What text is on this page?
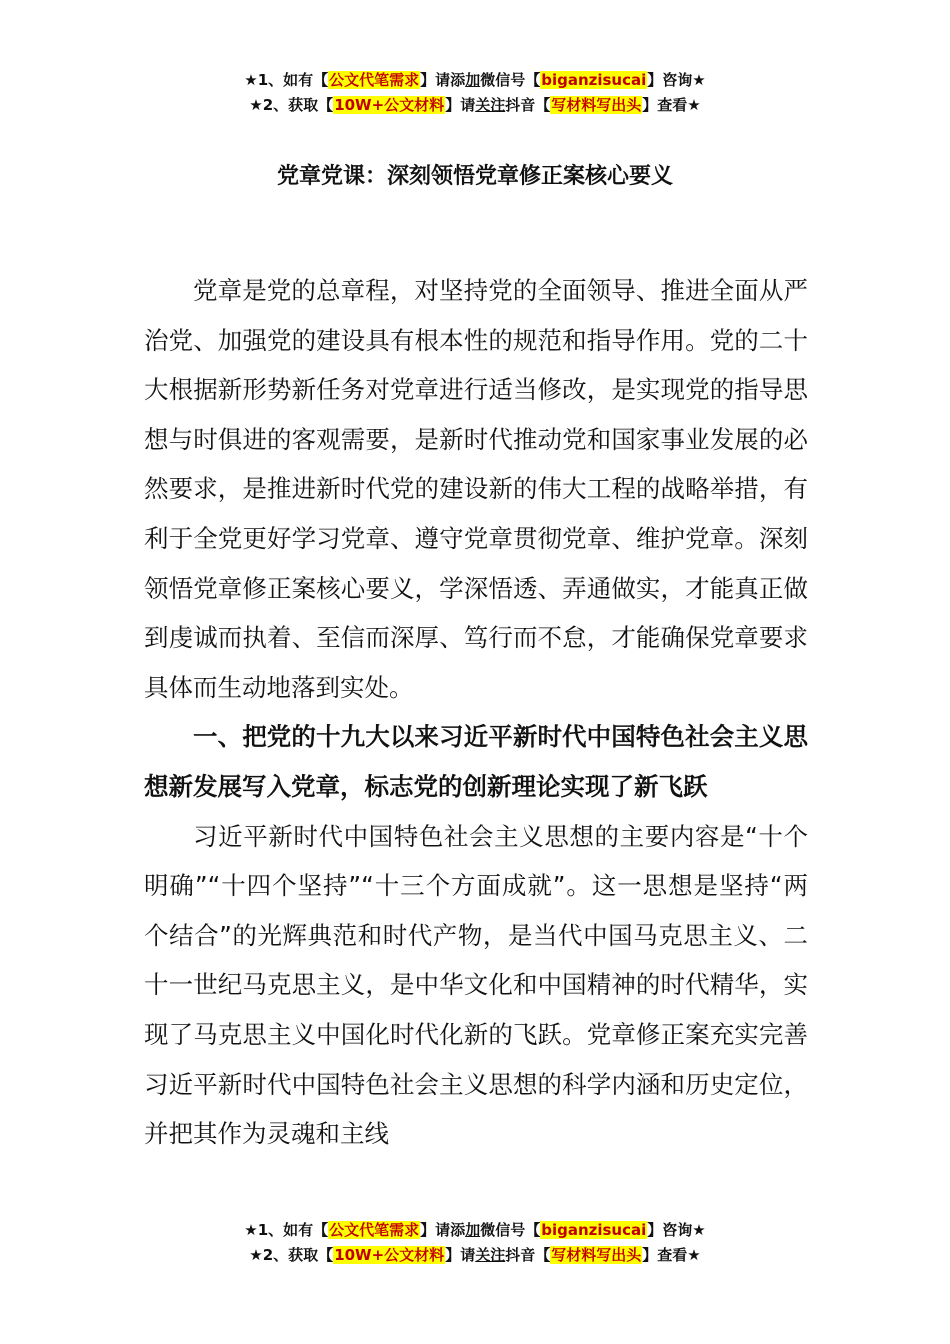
★1、如有【公文代笔需求】请添加微信号【biganzisucai】咨询★
★2、获取【10W+公文材料】请关注抖音【写材料写出头】查看★
党章党课：深刻领悟党章修正案核心要义

党章是党的总章程，对坚持党的全面领导、推进全面从严治党、加强党的建设具有根本性的规范和指导作用。党的二十大根据新形势新任务对党章进行适当修改，是实现党的指导思想与时俱进的客观需要，是新时代推动党和国家事业发展的必然要求，是推进新时代党的建设新的伟大工程的战略举措，有利于全党更好学习党章、遵守党章贯彻党章、维护党章。深刻领悟党章修正案核心要义，学深悟透、弄通做实，才能真正做到虔诚而执着、至信而深厚、笃行而不怠，才能确保党章要求具体而生动地落到实处。

一、把党的十九大以来习近平新时代中国特色社会主义思想新发展写入党章，标志党的创新理论实现了新飞跃

习近平新时代中国特色社会主义思想的主要内容是“十个明确”“十四个坚持”“十三个方面成就”。这一思想是坚持“两个结合”的光辉典范和时代产物，是当代中国马克思主义、二十一世纪马克思主义，是中华文化和中国精神的时代精华，实现了马克思主义中国化时代化新的飞跃。党章修正案充实完善习近平新时代中国特色社会主义思想的科学内涵和历史定位，并把其作为灵魂和主线

★1、如有【公文代笔需求】请添加微信号【biganzisucai】咨询★
★2、获取【10W+公文材料】请关注抖音【写材料写出头】查看★
